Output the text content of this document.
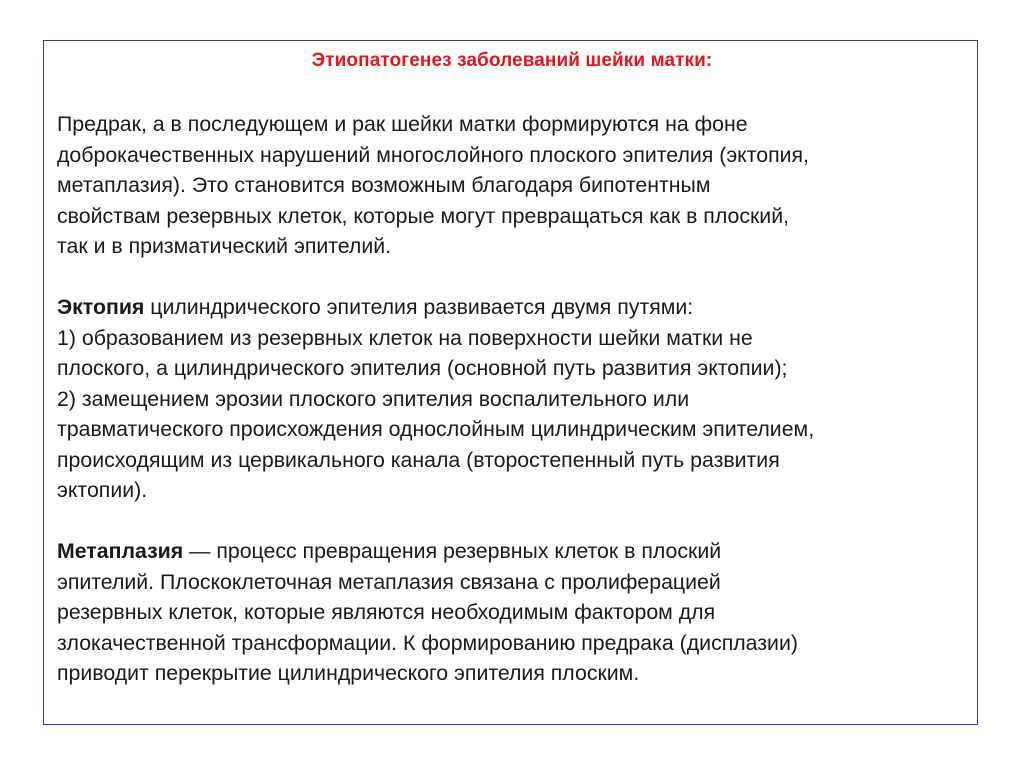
Этиопатогенез заболеваний шейки матки:
Предрак, а в последующем и рак шейки матки формируются на фоне
доброкачественных нарушений многослойного плоского эпителия (эктопия,
метаплазия). Это становится возможным благодаря бипотентным
свойствам резервных клеток, которые могут превращаться как в плоский,
так и в призматический эпителий.
Эктопия цилиндрического эпителия развивается двумя путями:
1) образованием из резервных клеток на поверхности шейки матки не
плоского, а цилиндрического эпителия (основной путь развития эктопии);
2) замещением эрозии плоского эпителия воспалительного или
травматического происхождения однослойным цилиндрическим эпителием,
происходящим из цервикального канала (второстепенный путь развития
эктопии).
Метаплазия — процесс превращения резервных клеток в плоский
эпителий. Плоскоклеточная метаплазия связана с пролиферацией
резервных клеток, которые являются необходимым фактором для
злокачественной трансформации. К формированию предрака (дисплазии)
приводит перекрытие цилиндрического эпителия плоским.
